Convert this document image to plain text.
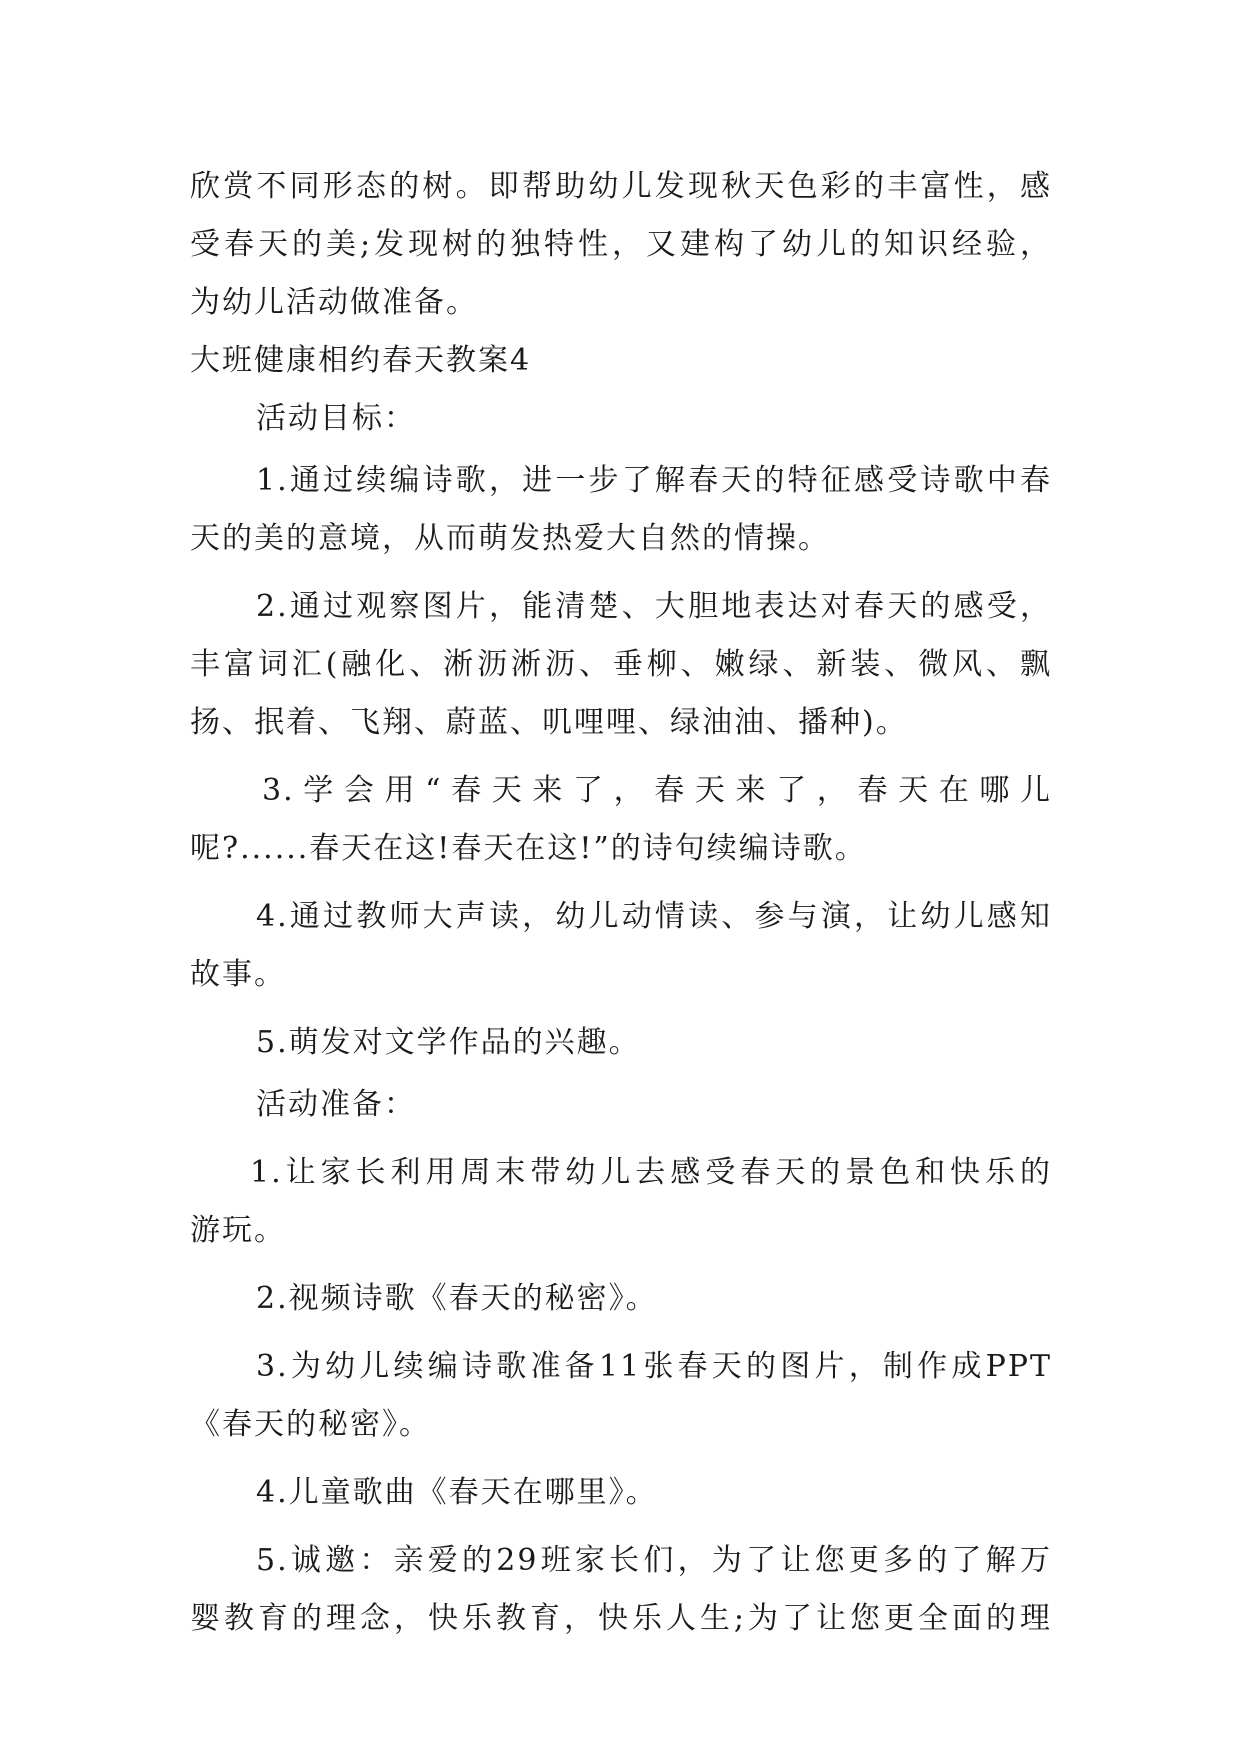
欣赏不同形态的树。即帮助幼儿发现秋天色彩的丰富性，感
受春天的美;发现树的独特性，又建构了幼儿的知识经验，
为幼儿活动做准备。
大班健康相约春天教案4
活动目标：
1.通过续编诗歌，进一步了解春天的特征感受诗歌中春
天的美的意境，从而萌发热爱大自然的情操。
2.通过观察图片，能清楚、大胆地表达对春天的感受，
丰富词汇(融化、淅沥淅沥、垂柳、嫩绿、新装、微风、飘
扬、抿着、飞翔、蔚蓝、叽哩哩、绿油油、播种)。
3.学会用“春天来了，春天来了，春天在哪儿
呢?......春天在这!春天在这!”的诗句续编诗歌。
4.通过教师大声读，幼儿动情读、参与演，让幼儿感知
故事。
5.萌发对文学作品的兴趣。
活动准备：
1.让家长利用周末带幼儿去感受春天的景色和快乐的
游玩。
2.视频诗歌《春天的秘密》。
3.为幼儿续编诗歌准备11张春天的图片，制作成PPT
《春天的秘密》。
4.儿童歌曲《春天在哪里》。
5.诚邀：亲爱的29班家长们，为了让您更多的了解万
婴教育的理念，快乐教育，快乐人生;为了让您更全面的理
